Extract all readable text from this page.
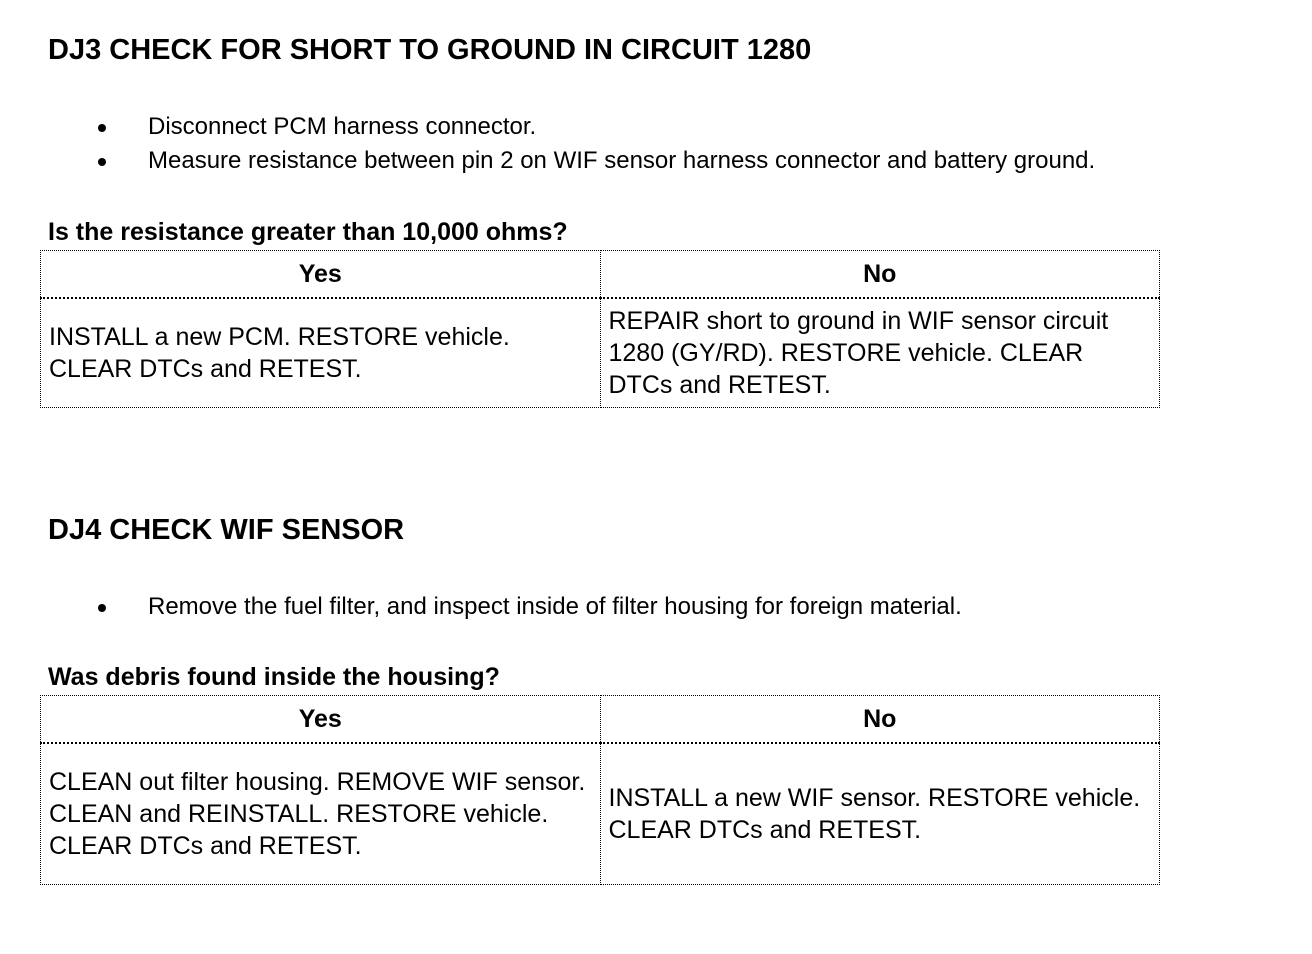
DJ3 CHECK FOR SHORT TO GROUND IN CIRCUIT 1280
Disconnect PCM harness connector.
Measure resistance between pin 2 on WIF sensor harness connector and battery ground.
Is the resistance greater than 10,000 ohms?
Yes	No
INSTALL a new PCM. RESTORE vehicle. CLEAR DTCs and RETEST.	REPAIR short to ground in WIF sensor circuit 1280 (GY/RD). RESTORE vehicle. CLEAR DTCs and RETEST.
DJ4 CHECK WIF SENSOR
Remove the fuel filter, and inspect inside of filter housing for foreign material.
Was debris found inside the housing?
Yes	No
CLEAN out filter housing. REMOVE WIF sensor. CLEAN and REINSTALL. RESTORE vehicle. CLEAR DTCs and RETEST.	INSTALL a new WIF sensor. RESTORE vehicle. CLEAR DTCs and RETEST.
